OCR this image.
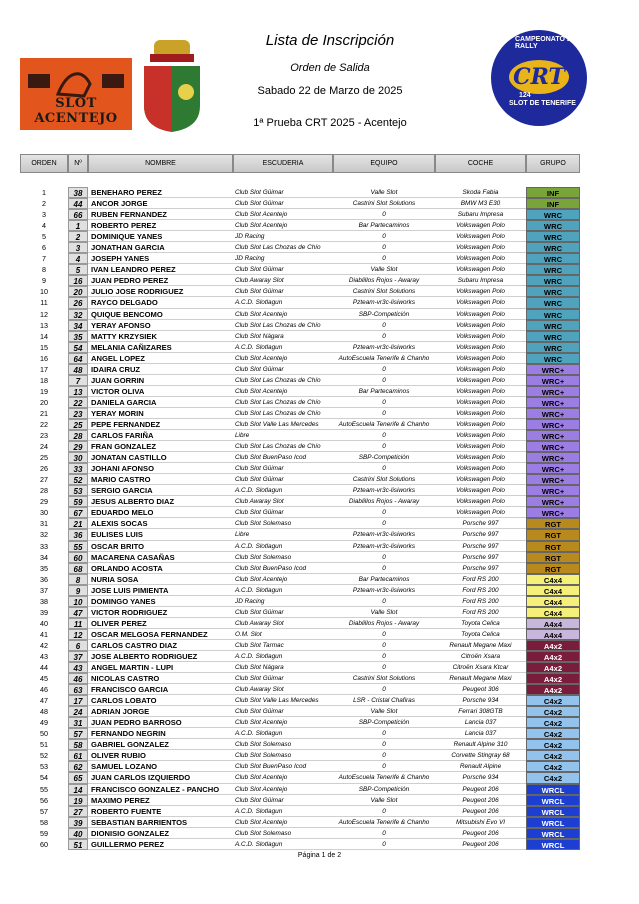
SLOT ACENTEJO
Lista de Inscripción
Orden de Salida
Sabado 22 de Marzo de 2025
1ª Prueba CRT 2025 - Acentejo
CAMPEONATO DE RALLY
CRT
SLOT DE TENERIFE
124
ORDEN	Nº	NOMBRE	ESCUDERIA	EQUIPO	COCHE	GRUPO
1	38	BENEHARO PEREZ	Club Slot Güimar	Valle Slot	Skoda Fabia	INF
2	44	ANCOR JORGE	Club Slot Güimar	Castrini Slot Solutions	BMW M3 E30	INF
3	66	RUBEN FERNANDEZ	Club Slot Acentejo	0	Subaru Impresa	WRC
4	1	ROBERTO PEREZ	Club Slot Acentejo	Bar Partecaminos	Volkswagen Polo	WRC
5	2	DOMINIQUE YANES	JD Racing	0	Volkswagen Polo	WRC
6	3	JONATHAN GARCIA	Club Slot Las Chozas de Chío	0	Volkswagen Polo	WRC
7	4	JOSEPH YANES	JD Racing	0	Volkswagen Polo	WRC
8	5	IVAN LEANDRO PEREZ	Club Slot Güimar	Valle Slot	Volkswagen Polo	WRC
9	16	JUAN PEDRO PEREZ	Club Awaray Slot	Diablillos Rojos - Awaray	Subaru Impresa	WRC
10	20	JULIO JOSE RODRIGUEZ	Club Slot Güimar	Castrini Slot Solutions	Volkswagen Polo	WRC
11	26	RAYCO DELGADO	A.C.D. Slotlagun	Pzteam-vr3c-lisiworks	Volkswagen Polo	WRC
12	32	QUIQUE BENCOMO	Club Slot Acentejo	SBP-Competición	Volkswagen Polo	WRC
13	34	YERAY AFONSO	Club Slot Las Chozas de Chío	0	Volkswagen Polo	WRC
14	35	MATTY KRZYSIEK	Club Slot Nágara	0	Volkswagen Polo	WRC
15	54	MELANIA CAÑIZARES	A.C.D. Slotlagun	Pzteam-vr3c-lisiworks	Volkswagen Polo	WRC
16	64	ANGEL LOPEZ	Club Slot Acentejo	AutoEscuela Tenerife & Chanho	Volkswagen Polo	WRC
17	48	IDAIRA CRUZ	Club Slot Güimar	0	Volkswagen Polo	WRC+
18	7	JUAN GORRIN	Club Slot Las Chozas de Chío	0	Volkswagen Polo	WRC+
19	13	VICTOR OLIVA	Club Slot Acentejo	Bar Partecaminos	Volkswagen Polo	WRC+
20	22	DANIELA GARCIA	Club Slot Las Chozas de Chío	0	Volkswagen Polo	WRC+
21	23	YERAY MORIN	Club Slot Las Chozas de Chío	0	Volkswagen Polo	WRC+
22	25	PEPE FERNANDEZ	Club Slot Valle Las Mercedes	AutoEscuela Tenerife & Chanho	Volkswagen Polo	WRC+
23	28	CARLOS FARIÑA	Libre	0	Volkswagen Polo	WRC+
24	29	FRAN GONZALEZ	Club Slot Las Chozas de Chío	0	Volkswagen Polo	WRC+
25	30	JONATAN CASTILLO	Club Slot BuenPaso Icod	SBP-Competición	Volkswagen Polo	WRC+
26	33	JOHANI AFONSO	Club Slot Güimar	0	Volkswagen Polo	WRC+
27	52	MARIO CASTRO	Club Slot Güimar	Castrini Slot Solutions	Volkswagen Polo	WRC+
28	53	SERGIO GARCIA	A.C.D. Slotlagun	Pzteam-vr3c-lisiworks	Volkswagen Polo	WRC+
29	59	JESUS ALBERTO DIAZ	Club Awaray Slot	Diablillos Rojos - Awaray	Volkswagen Polo	WRC+
30	67	EDUARDO MELO	Club Slot Güimar	0	Volkswagen Polo	WRC+
31	21	ALEXIS SOCAS	Club Slot Solemaso	0	Porsche 997	RGT
32	36	EULISES LUIS	Libre	Pzteam-vr3c-lisiworks	Porsche 997	RGT
33	55	OSCAR BRITO	A.C.D. Slotlagun	Pzteam-vr3c-lisiworks	Porsche 997	RGT
34	60	MACARENA CASAÑAS	Club Slot Solemaso	0	Porsche 997	RGT
35	68	ORLANDO ACOSTA	Club Slot BuenPaso Icod	0	Porsche 997	RGT
36	8	NURIA SOSA	Club Slot Acentejo	Bar Partecaminos	Ford RS 200	C4x4
37	9	JOSE LUIS PIMIENTA	A.C.D. Slotlagun	Pzteam-vr3c-lisiworks	Ford RS 200	C4x4
38	10	DOMINGO YANES	JD Racing	0	Ford RS 200	C4x4
39	47	VICTOR RODRIGUEZ	Club Slot Güimar	Valle Slot	Ford RS 200	C4x4
40	11	OLIVER PEREZ	Club Awaray Slot	Diablillos Rojos - Awaray	Toyota Celica	A4x4
41	12	OSCAR MELGOSA FERNANDEZ	O.M. Slot	0	Toyota Celica	A4x4
42	6	CARLOS CASTRO DIAZ	Club Slot Tarmac	0	Renault Megane Maxi	A4x2
43	37	JOSE ALBERTO RODRIGUEZ	A.C.D. Slotlagun	0	Citroën Xsara	A4x2
44	43	ANGEL MARTIN - LUPI	Club Slot Nágara	0	Citroën Xsara Ktcar	A4x2
45	46	NICOLAS CASTRO	Club Slot Güimar	Castrini Slot Solutions	Renault Megane Maxi	A4x2
46	63	FRANCISCO GARCIA	Club Awaray Slot	0	Peugeot 306	A4x2
47	17	CARLOS LOBATO	Club Slot Valle Las Mercedes	LSR - Cristal Chafiras	Porsche 934	C4x2
48	24	ADRIAN JORGE	Club Slot Güimar	Valle Slot	Ferrari 308GTB	C4x2
49	31	JUAN PEDRO BARROSO	Club Slot Acentejo	SBP-Competición	Lancia 037	C4x2
50	57	FERNANDO NEGRIN	A.C.D. Slotlagun	0	Lancia 037	C4x2
51	58	GABRIEL GONZALEZ	Club Slot Solemaso	0	Renault Alpine 310	C4x2
52	61	OLIVER RUBIO	Club Slot Solemaso	0	Corvette Stingray 68	C4x2
53	62	SAMUEL LOZANO	Club Slot BuenPaso Icod	0	Renault Alpine	C4x2
54	65	JUAN CARLOS IZQUIERDO	Club Slot Acentejo	AutoEscuela Tenerife & Chanho	Porsche 934	C4x2
55	14	FRANCISCO GONZALEZ - PANCHO	Club Slot Acentejo	SBP-Competición	Peugeot 206	WRCL
56	19	MAXIMO PEREZ	Club Slot Güimar	Valle Slot	Peugeot 206	WRCL
57	27	ROBERTO FUENTE	A.C.D. Slotlagun	0	Peugeot 206	WRCL
58	39	SEBASTIAN BARRIENTOS	Club Slot Acentejo	AutoEscuela Tenerife & Chanho	Mitsubishi Evo VI	WRCL
59	40	DIONISIO GONZALEZ	Club Slot Solemaso	0	Peugeot 206	WRCL
60	51	GUILLERMO PEREZ	A.C.D. Slotlagun	0	Peugeot 206	WRCL
Página 1 de 2
